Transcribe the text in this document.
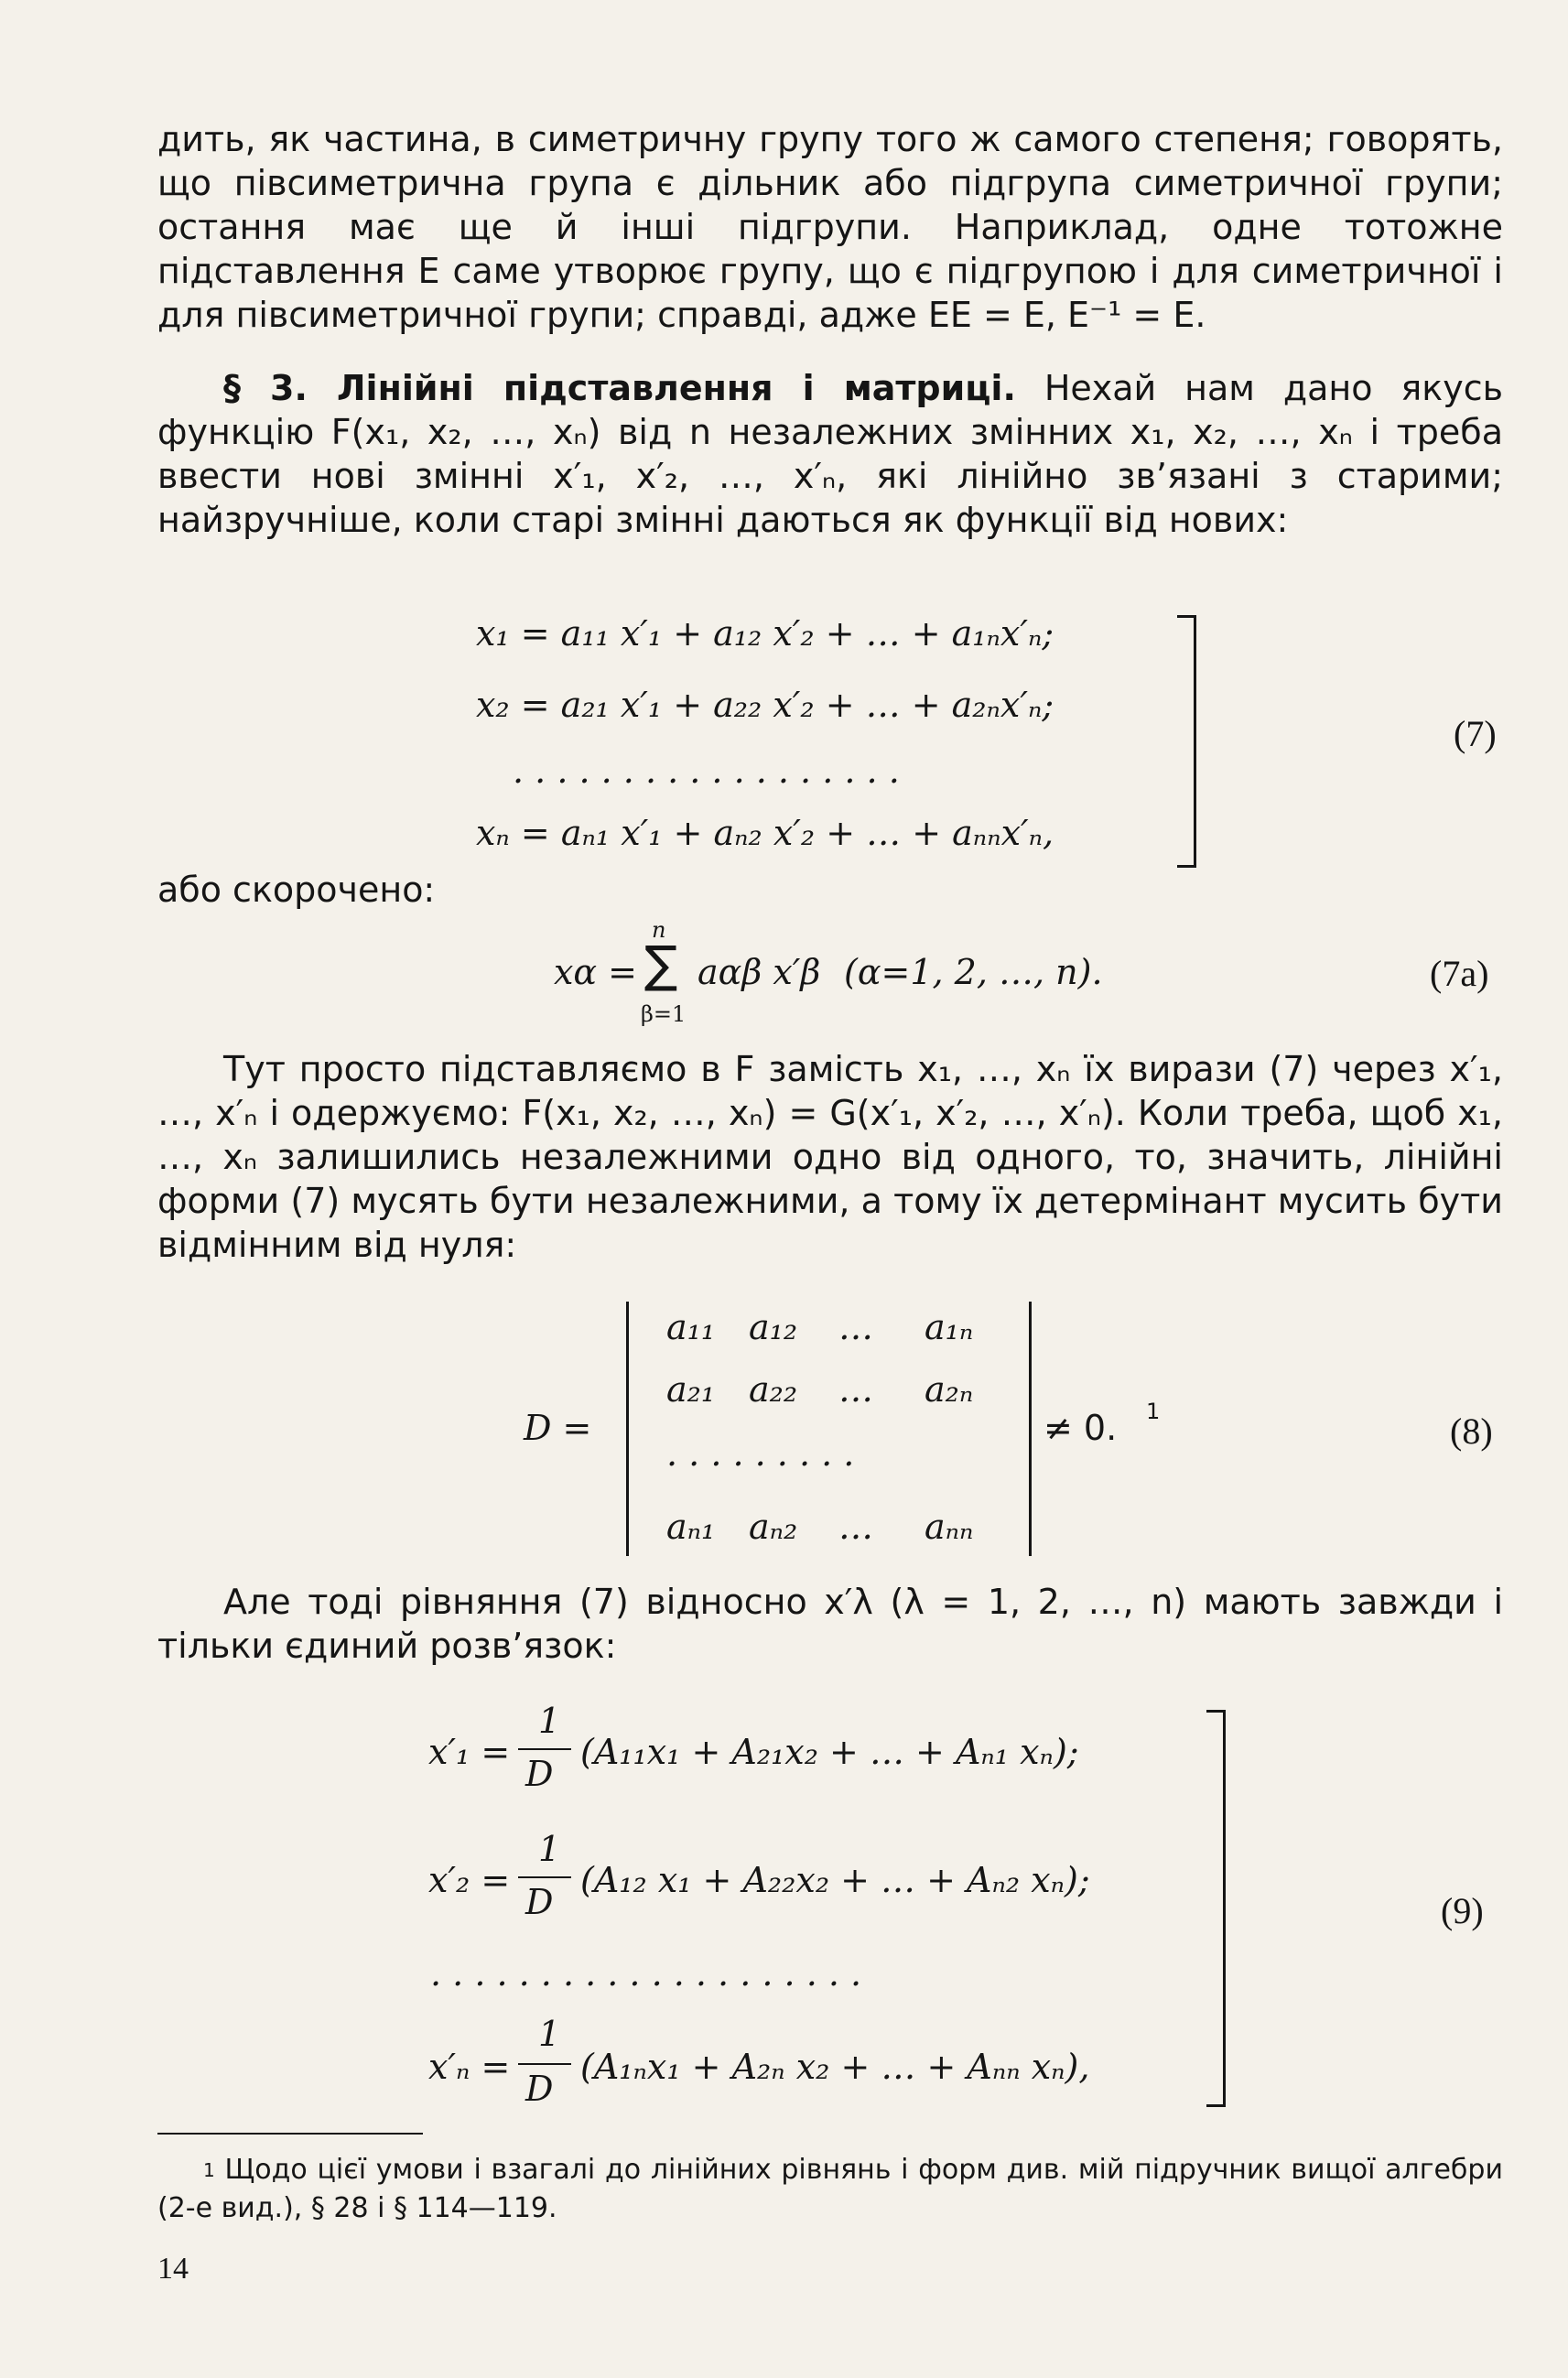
дить, як частина, в симетричну групу того ж самого степеня; говорять, що півсиметрична група є дільник або підгрупа симетричної групи; остання має ще й інші підгрупи. Наприклад, одне тотожне підставлення E саме утворює групу, що є підгрупою і для симетричної і для півсиметричної групи; справді, адже EE = E, E⁻¹ = E.

§ 3. Лінійні підставлення і матриці. Нехай нам дано якусь функцію F(x₁, x₂, …, xₙ) від n незалежних змінних x₁, x₂, …, xₙ і треба ввести нові змінні x′₁, x′₂, …, x′ₙ, які лінійно зв’язані з старими; найзручніше, коли старі змінні даються як функції від нових:

x₁ = a₁₁ x′₁ + a₁₂ x′₂ + … + a₁ₙx′ₙ;
x₂ = a₂₁ x′₁ + a₂₂ x′₂ + … + a₂ₙx′ₙ;
. . . . . . . . . . . . . . . . . .
xₙ = aₙ₁ x′₁ + aₙ₂ x′₂ + … + aₙₙx′ₙ,
(7)
або скорочено:
xα =
n
∑
β=1
aαβ x′β (α=1, 2, …, n).	(7a)

Тут просто підставляємо в F замість x₁, …, xₙ їх вирази (7) через x′₁, …, x′ₙ і одержуємо: F(x₁, x₂, …, xₙ) = G(x′₁, x′₂, …, x′ₙ). Коли треба, щоб x₁, …, xₙ залишились незалежними одно від одного, то, значить, лінійні форми (7) мусять бути незалежними, а тому їх детермінант мусить бути відмінним від нуля:

D =
a₁₁ a₁₂ … a₁ₙ
a₂₁ a₂₂ … a₂ₙ
. . . . . . . . .
aₙ₁ aₙ₂ … aₙₙ
≠ 0. 1	(8)

Але тоді рівняння (7) відносно x′λ (λ = 1, 2, …, n) мають завжди і тільки єдиний розв’язок:

x′₁ =
1
D
(A₁₁x₁ + A₂₁x₂ + … + Aₙ₁ xₙ);
x′₂ =
1
D
(A₁₂ x₁ + A₂₂x₂ + … + Aₙ₂ xₙ);
. . . . . . . . . . . . . . . . . . . .
x′ₙ =
1
D
(A₁ₙx₁ + A₂ₙ x₂ + … + Aₙₙ xₙ),
(9)
$^1$ Щодо цієї умови і взагалі до лінійних рівнянь і форм див. мій підручник вищої алгебри (2-е вид.), § 28 і § 114—119.
14
